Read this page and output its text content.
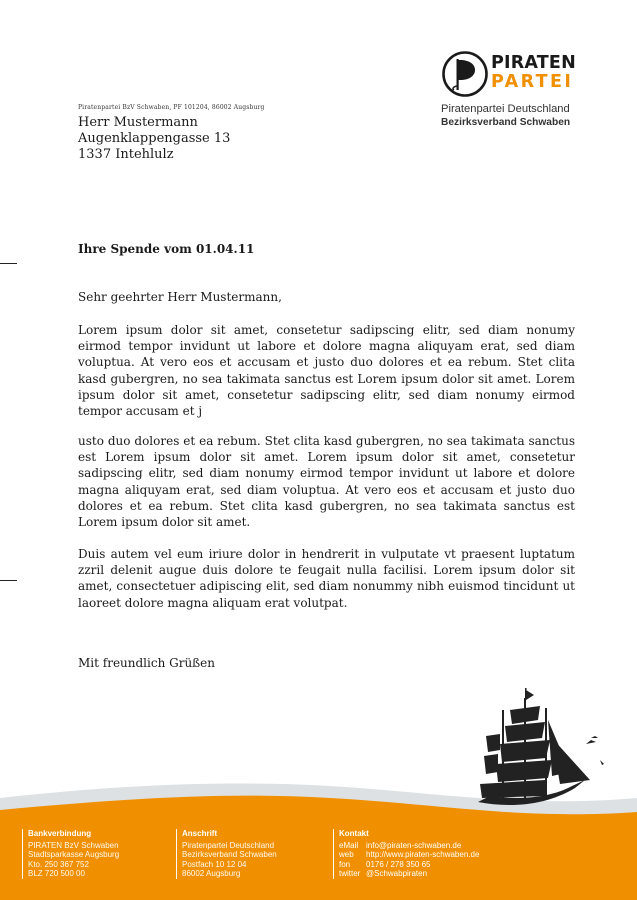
PIRATEN
PARTEI
Piratenpartei Deutschland
Bezirksverband Schwaben
Piratenpartei BzV Schwaben, PF 101204, 86002 Augsburg
Herr Mustermann
Augenklappengasse 13
1337 Intehlulz
Ihre Spende vom 01.04.11
Sehr geehrter Herr Mustermann,
Lorem ipsum dolor sit amet, consetetur sadipscing elitr, sed diam nonumy eirmod tempor invidunt ut labore et dolore magna aliquyam erat, sed diam voluptua. At vero eos et accusam et justo duo dolores et ea rebum. Stet clita kasd gubergren, no sea takimata sanctus est Lorem ipsum dolor sit amet. Lorem ipsum dolor sit amet, consetetur sadipscing elitr, sed diam nonumy eirmod tempor accusam et j
usto duo dolores et ea rebum. Stet clita kasd gubergren, no sea takimata sanctus est Lorem ipsum dolor sit amet. Lorem ipsum dolor sit amet, consetetur sadipscing elitr, sed diam nonumy eirmod tempor invidunt ut labore et dolore magna aliquyam erat, sed diam voluptua. At vero eos et accusam et justo duo dolores et ea rebum. Stet clita kasd gubergren, no sea takimata sanctus est Lorem ipsum dolor sit amet.
Duis autem vel eum iriure dolor in hendrerit in vulputate vt praesent luptatum zzril delenit augue duis dolore te feugait nulla facilisi. Lorem ipsum dolor sit amet, consectetuer adipiscing elit, sed diam nonummy nibh euismod tincidunt ut laoreet dolore magna aliquam erat volutpat.
Mit freundlich Grüßen
Bankverbindung
PIRATEN BzV Schwaben
Stadtsparkasse Augsburg
Kto. 250 367 752
BLZ 720 500 00
Anschrift
Piratenpartei Deutschland
Bezirksverband Schwaben
Postfach 10 12 04
86002 Augsburg
Kontakt
eMail info@piraten-schwaben.de
web http://www.piraten-schwaben.de
fon 0176 / 278 350 65
twitter @Schwabpiraten
